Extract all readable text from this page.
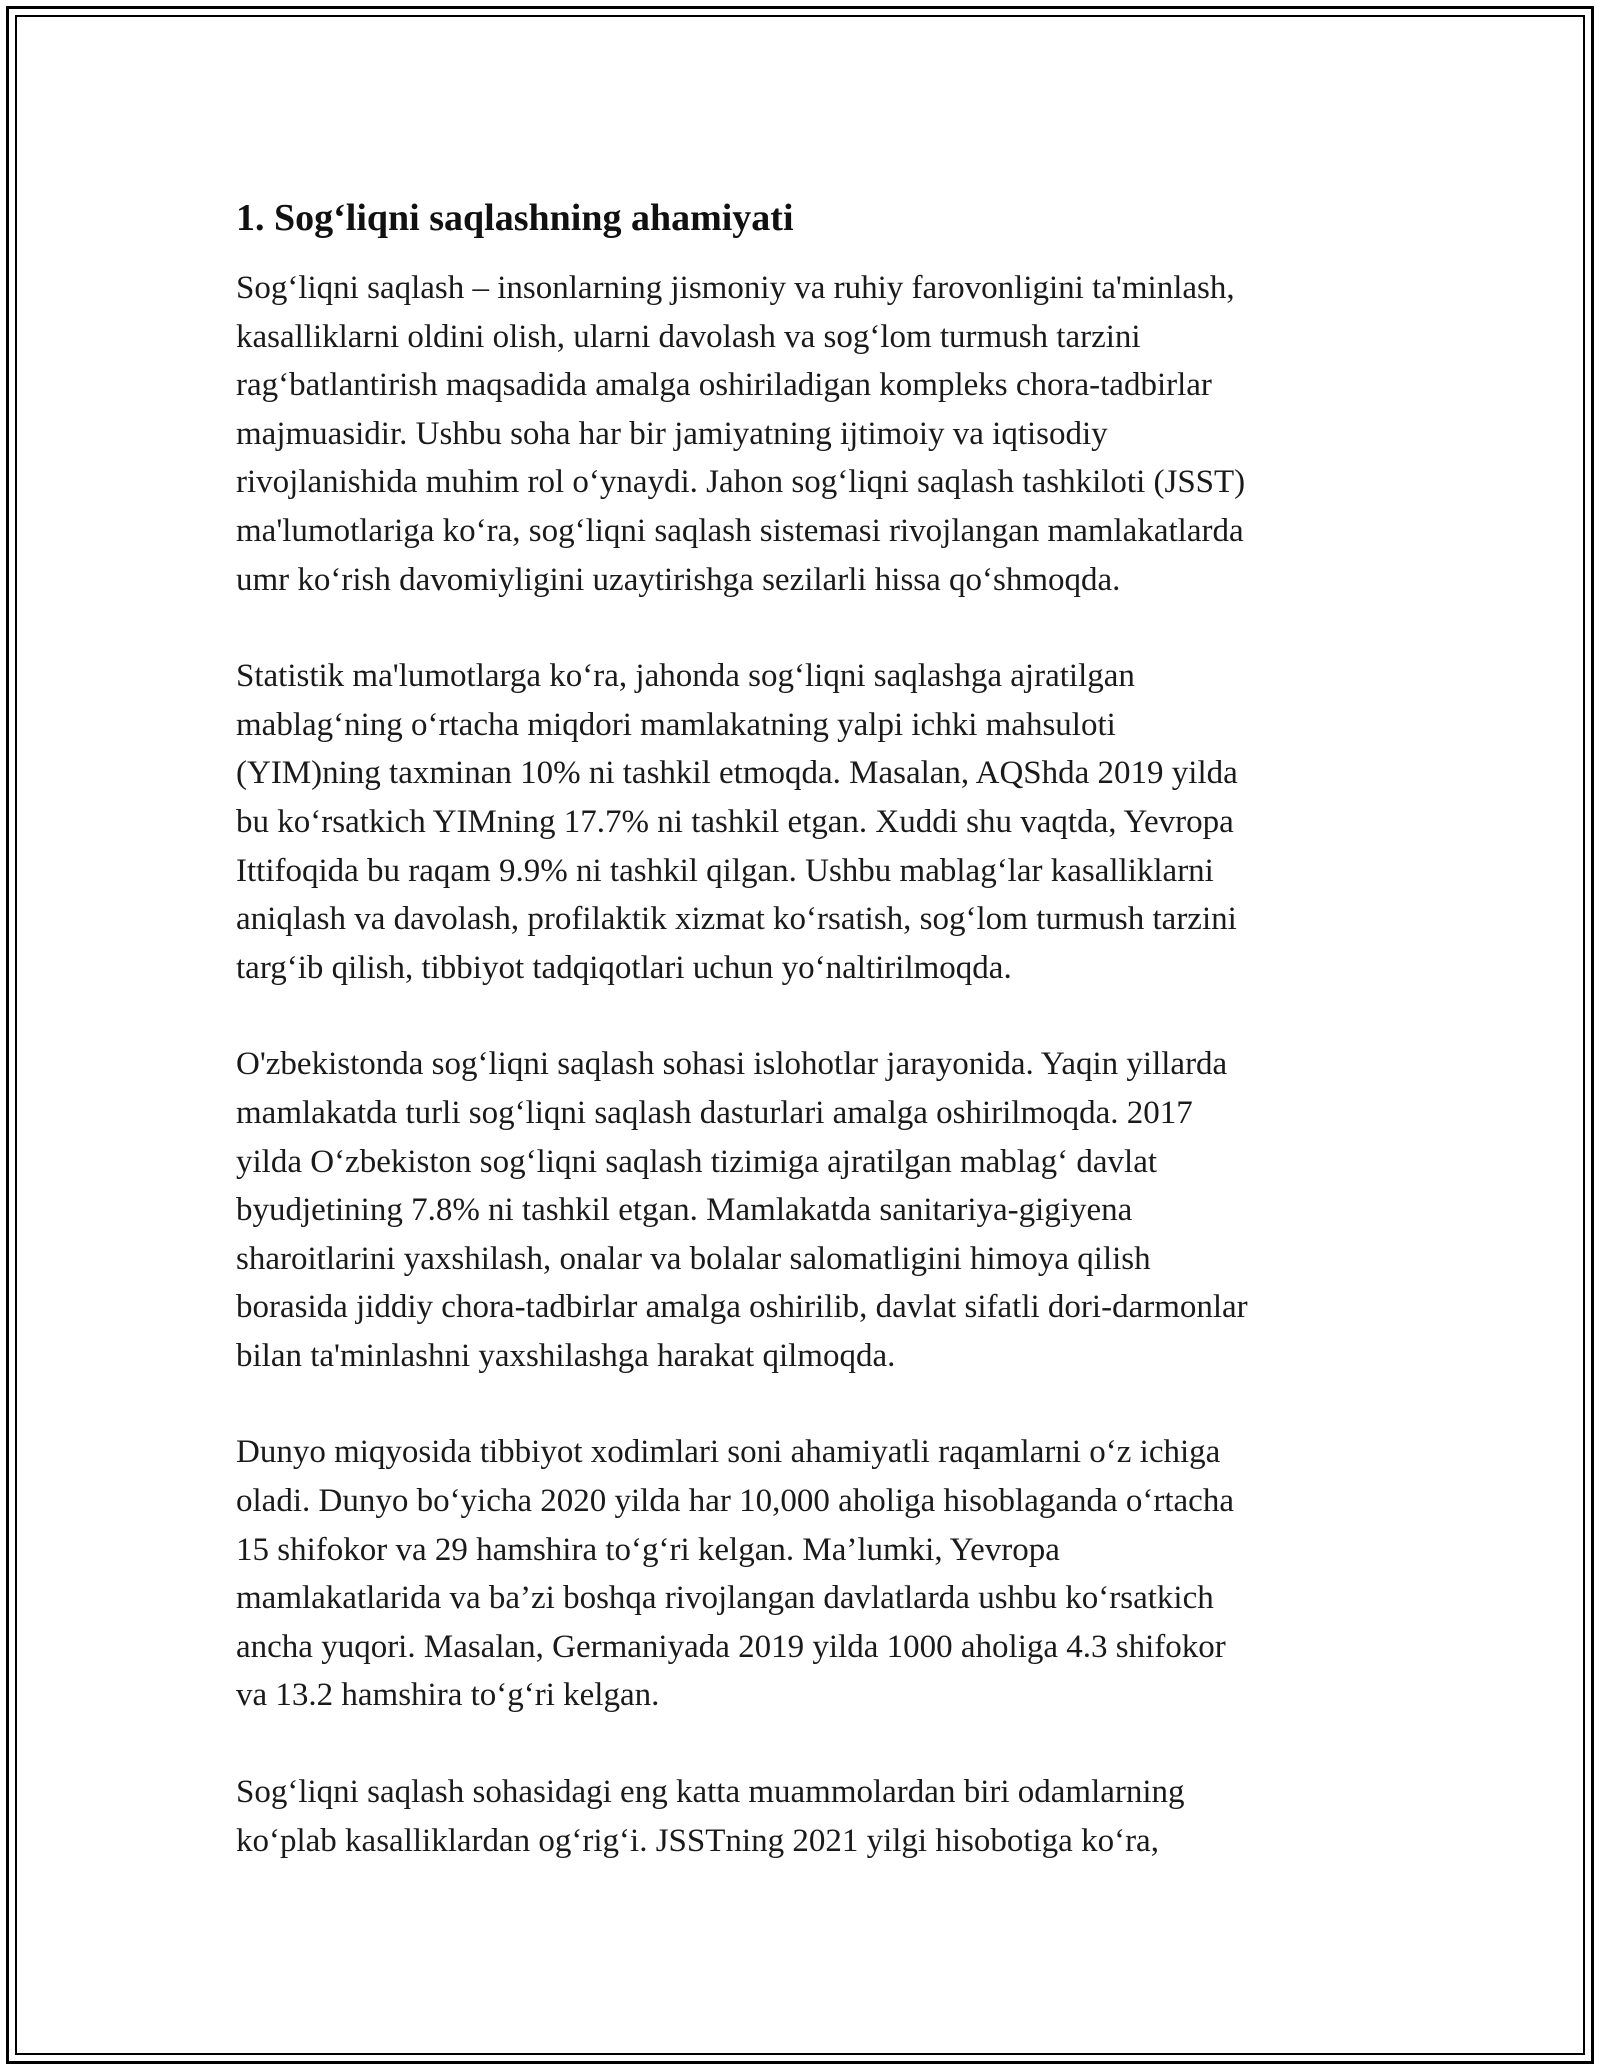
1. Sog‘liqni saqlashning ahamiyati

Sog‘liqni saqlash – insonlarning jismoniy va ruhiy farovonligini ta'minlash,
kasalliklarni oldini olish, ularni davolash va sog‘lom turmush tarzini
rag‘batlantirish maqsadida amalga oshiriladigan kompleks chora-tadbirlar
majmuasidir. Ushbu soha har bir jamiyatning ijtimoiy va iqtisodiy
rivojlanishida muhim rol o‘ynaydi. Jahon sog‘liqni saqlash tashkiloti (JSST)
ma'lumotlariga ko‘ra, sog‘liqni saqlash sistemasi rivojlangan mamlakatlarda
umr ko‘rish davomiyligini uzaytirishga sezilarli hissa qo‘shmoqda.

Statistik ma'lumotlarga ko‘ra, jahonda sog‘liqni saqlashga ajratilgan
mablag‘ning o‘rtacha miqdori mamlakatning yalpi ichki mahsuloti
(YIM)ning taxminan 10% ni tashkil etmoqda. Masalan, AQShda 2019 yilda
bu ko‘rsatkich YIMning 17.7% ni tashkil etgan. Xuddi shu vaqtda, Yevropa
Ittifoqida bu raqam 9.9% ni tashkil qilgan. Ushbu mablag‘lar kasalliklarni
aniqlash va davolash, profilaktik xizmat ko‘rsatish, sog‘lom turmush tarzini
targ‘ib qilish, tibbiyot tadqiqotlari uchun yo‘naltirilmoqda.

O'zbekistonda sog‘liqni saqlash sohasi islohotlar jarayonida. Yaqin yillarda
mamlakatda turli sog‘liqni saqlash dasturlari amalga oshirilmoqda. 2017
yilda O‘zbekiston sog‘liqni saqlash tizimiga ajratilgan mablag‘ davlat
byudjetining 7.8% ni tashkil etgan. Mamlakatda sanitariya-gigiyena
sharoitlarini yaxshilash, onalar va bolalar salomatligini himoya qilish
borasida jiddiy chora-tadbirlar amalga oshirilib, davlat sifatli dori-darmonlar
bilan ta'minlashni yaxshilashga harakat qilmoqda.

Dunyo miqyosida tibbiyot xodimlari soni ahamiyatli raqamlarni o‘z ichiga
oladi. Dunyo bo‘yicha 2020 yilda har 10,000 aholiga hisoblaganda o‘rtacha
15 shifokor va 29 hamshira to‘g‘ri kelgan. Ma’lumki, Yevropa
mamlakatlarida va ba’zi boshqa rivojlangan davlatlarda ushbu ko‘rsatkich
ancha yuqori. Masalan, Germaniyada 2019 yilda 1000 aholiga 4.3 shifokor
va 13.2 hamshira to‘g‘ri kelgan.

Sog‘liqni saqlash sohasidagi eng katta muammolardan biri odamlarning
ko‘plab kasalliklardan og‘rig‘i. JSSTning 2021 yilgi hisobotiga ko‘ra,
